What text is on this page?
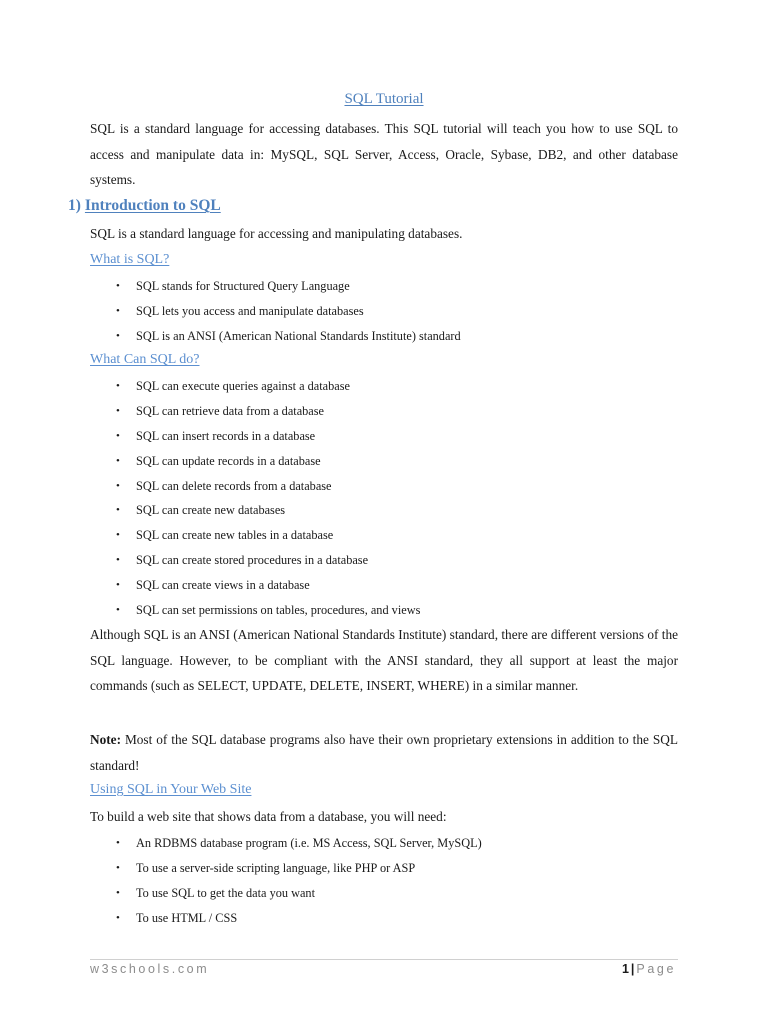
SQL Tutorial
SQL is a standard language for accessing databases. This SQL tutorial will teach you how to use SQL to access and manipulate data in: MySQL, SQL Server, Access, Oracle, Sybase, DB2, and other database systems.
1) Introduction to SQL
SQL is a standard language for accessing and manipulating databases.
What is SQL?
• SQL stands for Structured Query Language
• SQL lets you access and manipulate databases
• SQL is an ANSI (American National Standards Institute) standard
What Can SQL do?
• SQL can execute queries against a database
• SQL can retrieve data from a database
• SQL can insert records in a database
• SQL can update records in a database
• SQL can delete records from a database
• SQL can create new databases
• SQL can create new tables in a database
• SQL can create stored procedures in a database
• SQL can create views in a database
• SQL can set permissions on tables, procedures, and views
Although SQL is an ANSI (American National Standards Institute) standard, there are different versions of the SQL language. However, to be compliant with the ANSI standard, they all support at least the major commands (such as SELECT, UPDATE, DELETE, INSERT, WHERE) in a similar manner.
Note: Most of the SQL database programs also have their own proprietary extensions in addition to the SQL standard!
Using SQL in Your Web Site
To build a web site that shows data from a database, you will need:
• An RDBMS database program (i.e. MS Access, SQL Server, MySQL)
• To use a server-side scripting language, like PHP or ASP
• To use SQL to get the data you want
• To use HTML / CSS
w3schools.com	1 | Page
